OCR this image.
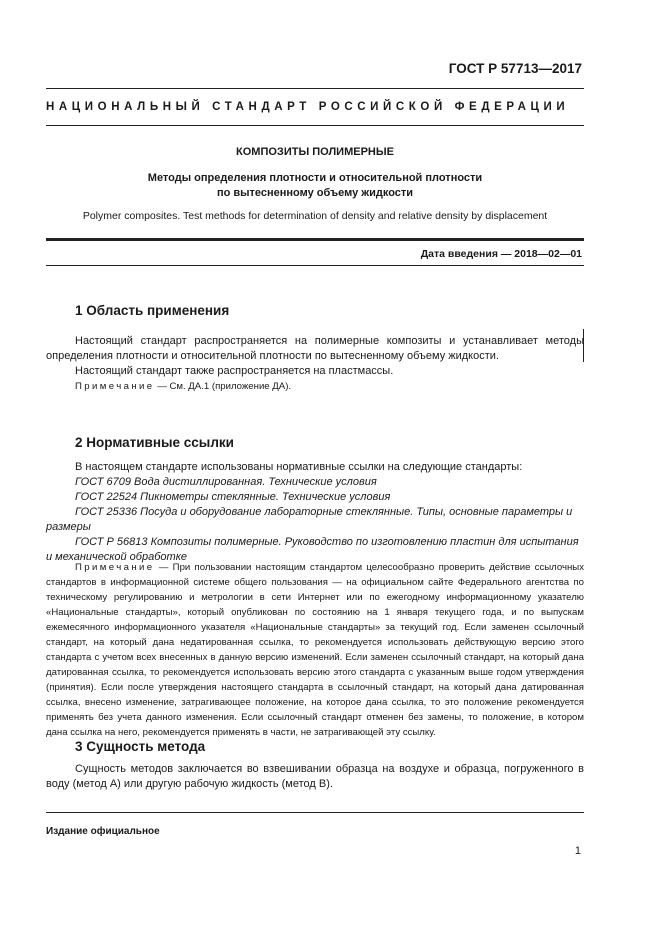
ГОСТ Р 57713—2017
НАЦИОНАЛЬНЫЙ СТАНДАРТ РОССИЙСКОЙ ФЕДЕРАЦИИ
КОМПОЗИТЫ ПОЛИМЕРНЫЕ
Методы определения плотности и относительной плотности
по вытесненному объему жидкости
Polymer composites. Test methods for determination of density and relative density by displacement
Дата введения — 2018—02—01
1 Область применения

Настоящий стандарт распространяется на полимерные композиты и устанавливает методы определения плотности и относительной плотности по вытесненному объему жидкости.

Настоящий стандарт также распространяется на пластмассы.

Примечание — См. ДА.1 (приложение ДА).

2 Нормативные ссылки

В настоящем стандарте использованы нормативные ссылки на следующие стандарты:

ГОСТ 6709 Вода дистиллированная. Технические условия

ГОСТ 22524 Пикнометры стеклянные. Технические условия

ГОСТ 25336 Посуда и оборудование лабораторные стеклянные. Типы, основные параметры и размеры

ГОСТ Р 56813 Композиты полимерные. Руководство по изготовлению пластин для испытания и механической обработке

Примечание — При пользовании настоящим стандартом целесообразно проверить действие ссылочных стандартов в информационной системе общего пользования — на официальном сайте Федерального агентства по техническому регулированию и метрологии в сети Интернет или по ежегодному информационному указателю «Национальные стандарты», который опубликован по состоянию на 1 января текущего года, и по выпускам ежемесячного информационного указателя «Национальные стандарты» за текущий год. Если заменен ссылочный стандарт, на который дана недатированная ссылка, то рекомендуется использовать действующую версию этого стандарта с учетом всех внесенных в данную версию изменений. Если заменен ссылочный стандарт, на который дана датированная ссылка, то рекомендуется использовать версию этого стандарта с указанным выше годом утверждения (принятия). Если после утверждения настоящего стандарта в ссылочный стандарт, на который дана датированная ссылка, внесено изменение, затрагивающее положение, на которое дана ссылка, то это положение рекомендуется применять без учета данного изменения. Если ссылочный стандарт отменен без замены, то положение, в котором дана ссылка на него, рекомендуется применять в части, не затрагивающей эту ссылку.

3 Сущность метода

Сущность методов заключается во взвешивании образца на воздухе и образца, погруженного в воду (метод А) или другую рабочую жидкость (метод В).

Издание официальное
1
